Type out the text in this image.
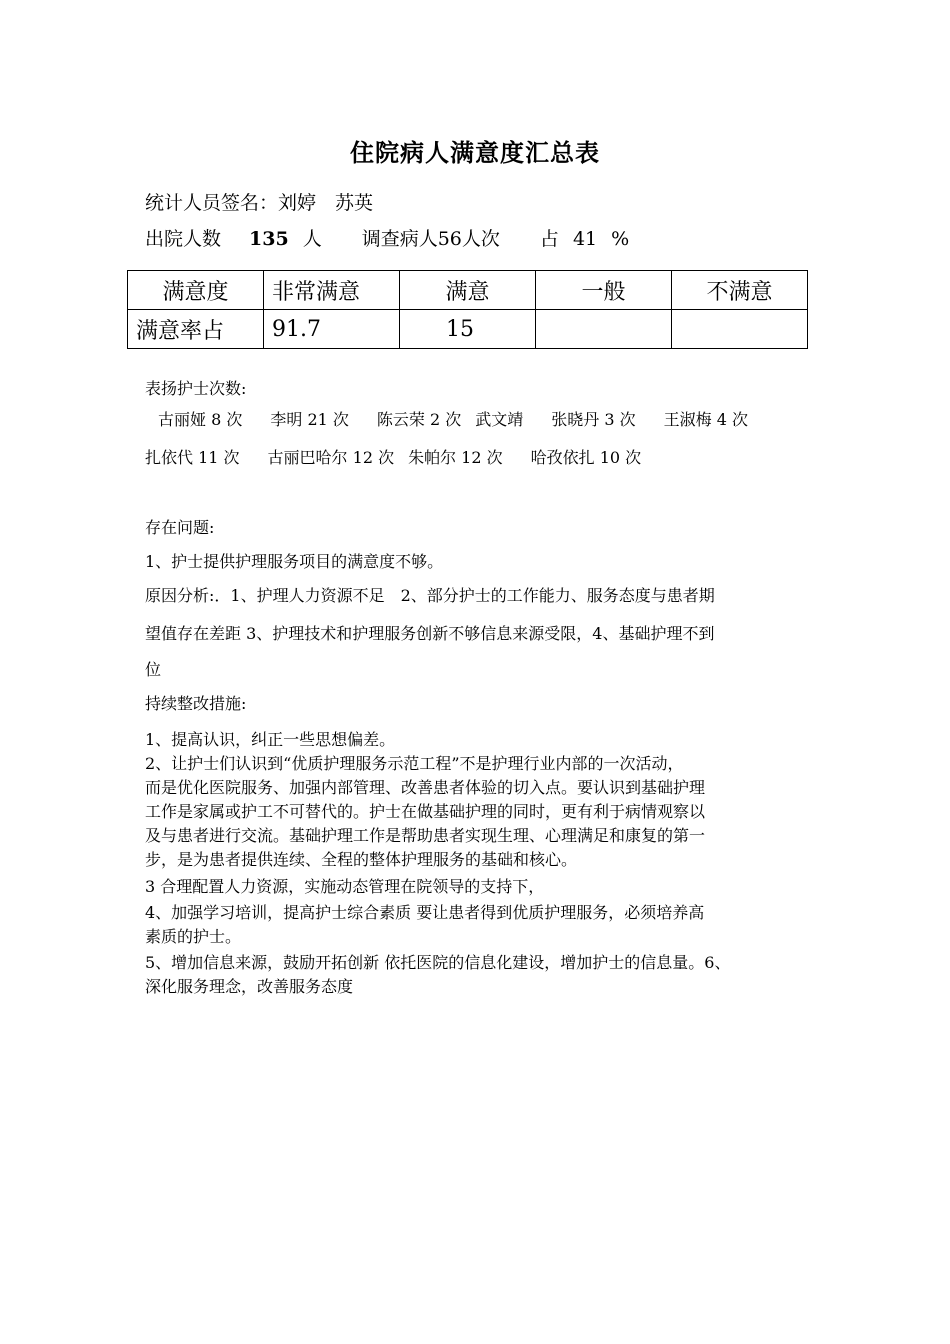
住院病人满意度汇总表
统计人员签名：刘婷　苏英
出院人数 135 人 调查病人56人次 占 41 %
满意度	非常满意	满意	一般	不满意
满意率占	91.7	15		
表扬护士次数:
古丽娅 8 次 李明 21 次 陈云荣 2 次 武文靖 张晓丹 3 次 王淑梅 4 次
扎依代 11 次 古丽巴哈尔 12 次 朱帕尔 12 次 哈孜依扎 10 次
存在问题:
1、护士提供护理服务项目的满意度不够。
原因分析:．1、护理人力资源不足　2、部分护士的工作能力、服务态度与患者期
望值存在差距 3、护理技术和护理服务创新不够信息来源受限，4、基础护理不到
位
持续整改措施:
1、提高认识，纠正一些思想偏差。
2、让护士们认识到“优质护理服务示范工程”不是护理行业内部的一次活动，
而是优化医院服务、加强内部管理、改善患者体验的切入点。要认识到基础护理
工作是家属或护工不可替代的。护士在做基础护理的同时，更有利于病情观察以
及与患者进行交流。基础护理工作是帮助患者实现生理、心理满足和康复的第一
步，是为患者提供连续、全程的整体护理服务的基础和核心。
3 合理配置人力资源，实施动态管理在院领导的支持下，
4、加强学习培训，提高护士综合素质 要让患者得到优质护理服务，必须培养高
素质的护士。
5、增加信息来源，鼓励开拓创新 依托医院的信息化建设，增加护士的信息量。6、
深化服务理念，改善服务态度
